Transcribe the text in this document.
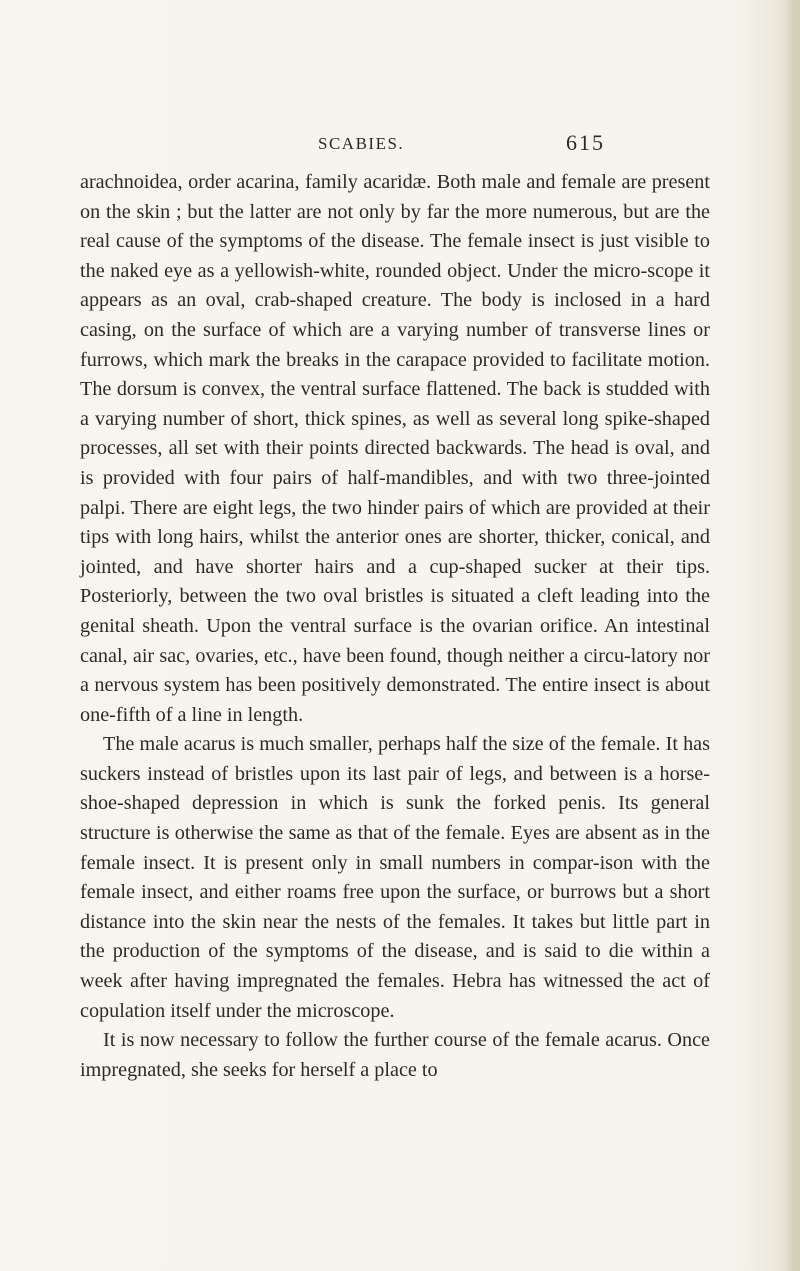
SCABIES.	615

arachnoidea, order acarina, family acaridæ. Both male and female are present on the skin ; but the latter are not only by far the more numerous, but are the real cause of the symptoms of the disease. The female insect is just visible to the naked eye as a yellowish-white, rounded object. Under the micro-scope it appears as an oval, crab-shaped creature. The body is inclosed in a hard casing, on the surface of which are a varying number of transverse lines or furrows, which mark the breaks in the carapace provided to facilitate motion. The dorsum is convex, the ventral surface flattened. The back is studded with a varying number of short, thick spines, as well as several long spike-shaped processes, all set with their points directed backwards. The head is oval, and is provided with four pairs of half-mandibles, and with two three-jointed palpi. There are eight legs, the two hinder pairs of which are provided at their tips with long hairs, whilst the anterior ones are shorter, thicker, conical, and jointed, and have shorter hairs and a cup-shaped sucker at their tips. Posteriorly, between the two oval bristles is situated a cleft leading into the genital sheath. Upon the ventral surface is the ovarian orifice. An intestinal canal, air sac, ovaries, etc., have been found, though neither a circu-latory nor a nervous system has been positively demonstrated. The entire insect is about one-fifth of a line in length.

The male acarus is much smaller, perhaps half the size of the female. It has suckers instead of bristles upon its last pair of legs, and between is a horse-shoe-shaped depression in which is sunk the forked penis. Its general structure is otherwise the same as that of the female. Eyes are absent as in the female insect. It is present only in small numbers in compar-ison with the female insect, and either roams free upon the surface, or burrows but a short distance into the skin near the nests of the females. It takes but little part in the production of the symptoms of the disease, and is said to die within a week after having impregnated the females. Hebra has witnessed the act of copulation itself under the microscope.

It is now necessary to follow the further course of the female acarus. Once impregnated, she seeks for herself a place to
